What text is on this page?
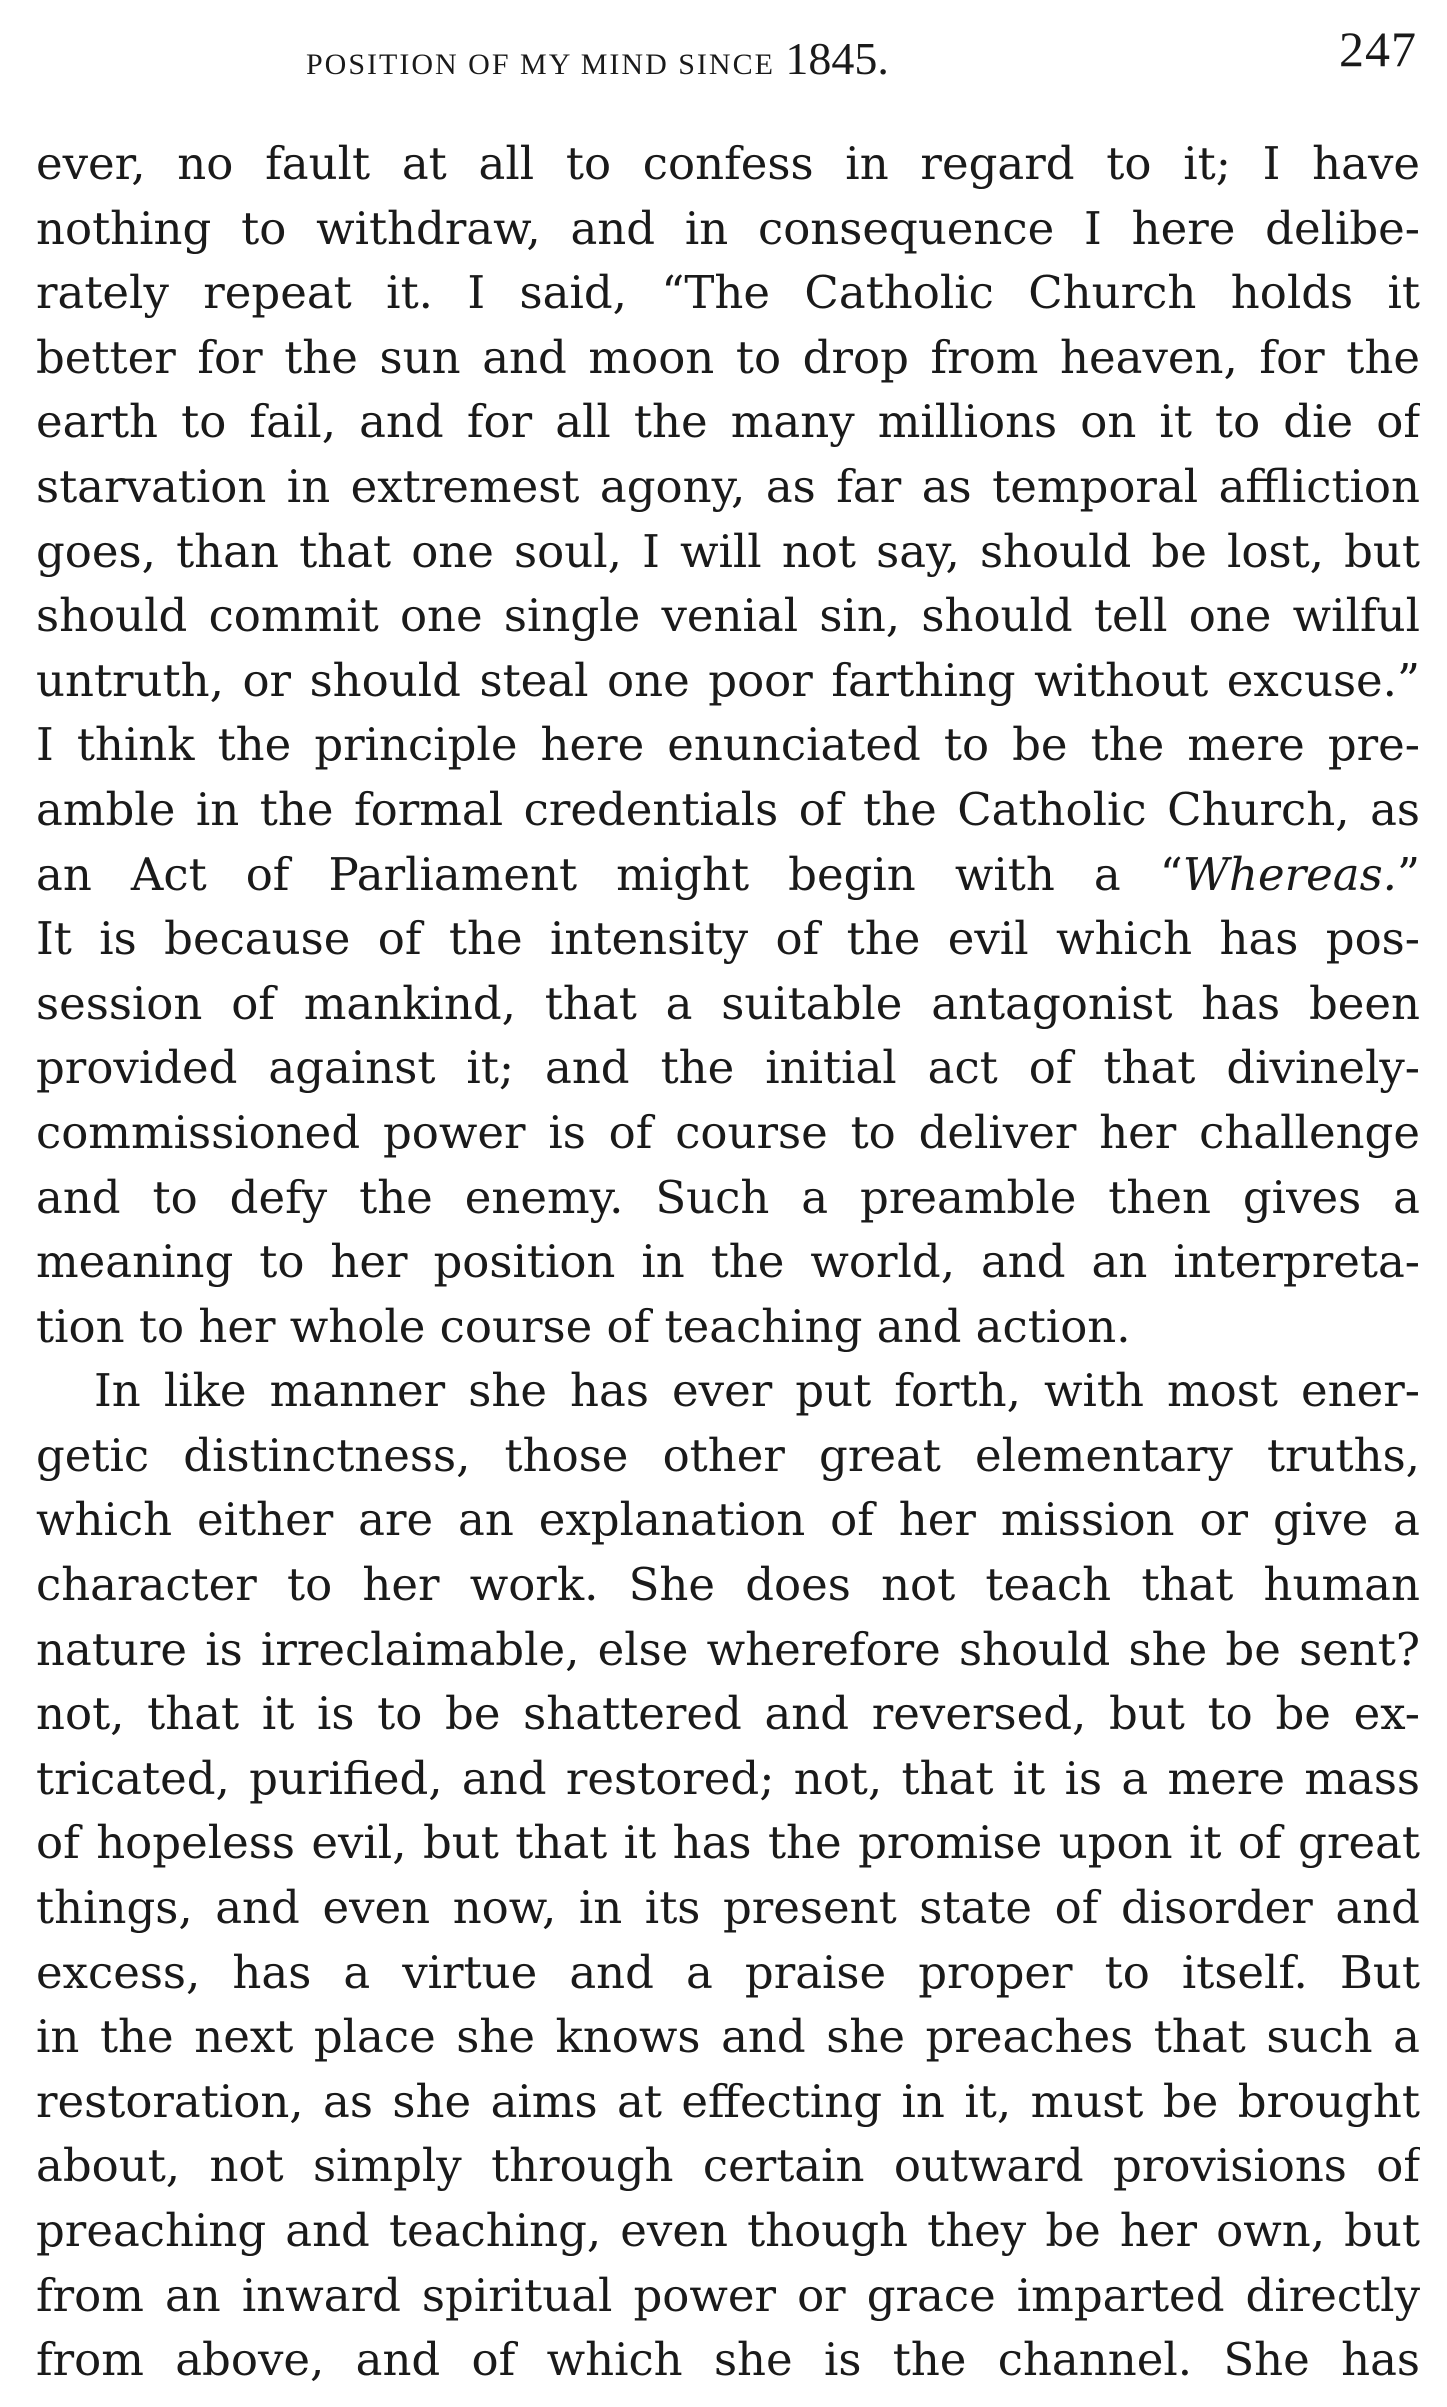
POSITION OF MY MIND SINCE 1845.	247
ever, no fault at all to confess in regard to it; I have
nothing to withdraw, and in consequence I here delibe-
rately repeat it. I said, “The Catholic Church holds it
better for the sun and moon to drop from heaven, for the
earth to fail, and for all the many millions on it to die of
starvation in extremest agony, as far as temporal affliction
goes, than that one soul, I will not say, should be lost, but
should commit one single venial sin, should tell one wilful
untruth, or should steal one poor farthing without excuse.”
I think the principle here enunciated to be the mere pre-
amble in the formal credentials of the Catholic Church, as
an Act of Parliament might begin with a “Whereas.”
It is because of the intensity of the evil which has pos-
session of mankind, that a suitable antagonist has been
provided against it; and the initial act of that divinely-
commissioned power is of course to deliver her challenge
and to defy the enemy. Such a preamble then gives a
meaning to her position in the world, and an interpreta-
tion to her whole course of teaching and action.
In like manner she has ever put forth, with most ener-
getic distinctness, those other great elementary truths,
which either are an explanation of her mission or give a
character to her work. She does not teach that human
nature is irreclaimable, else wherefore should she be sent?
not, that it is to be shattered and reversed, but to be ex-
tricated, purified, and restored; not, that it is a mere mass
of hopeless evil, but that it has the promise upon it of great
things, and even now, in its present state of disorder and
excess, has a virtue and a praise proper to itself. But
in the next place she knows and she preaches that such a
restoration, as she aims at effecting in it, must be brought
about, not simply through certain outward provisions of
preaching and teaching, even though they be her own, but
from an inward spiritual power or grace imparted directly
from above, and of which she is the channel. She has
